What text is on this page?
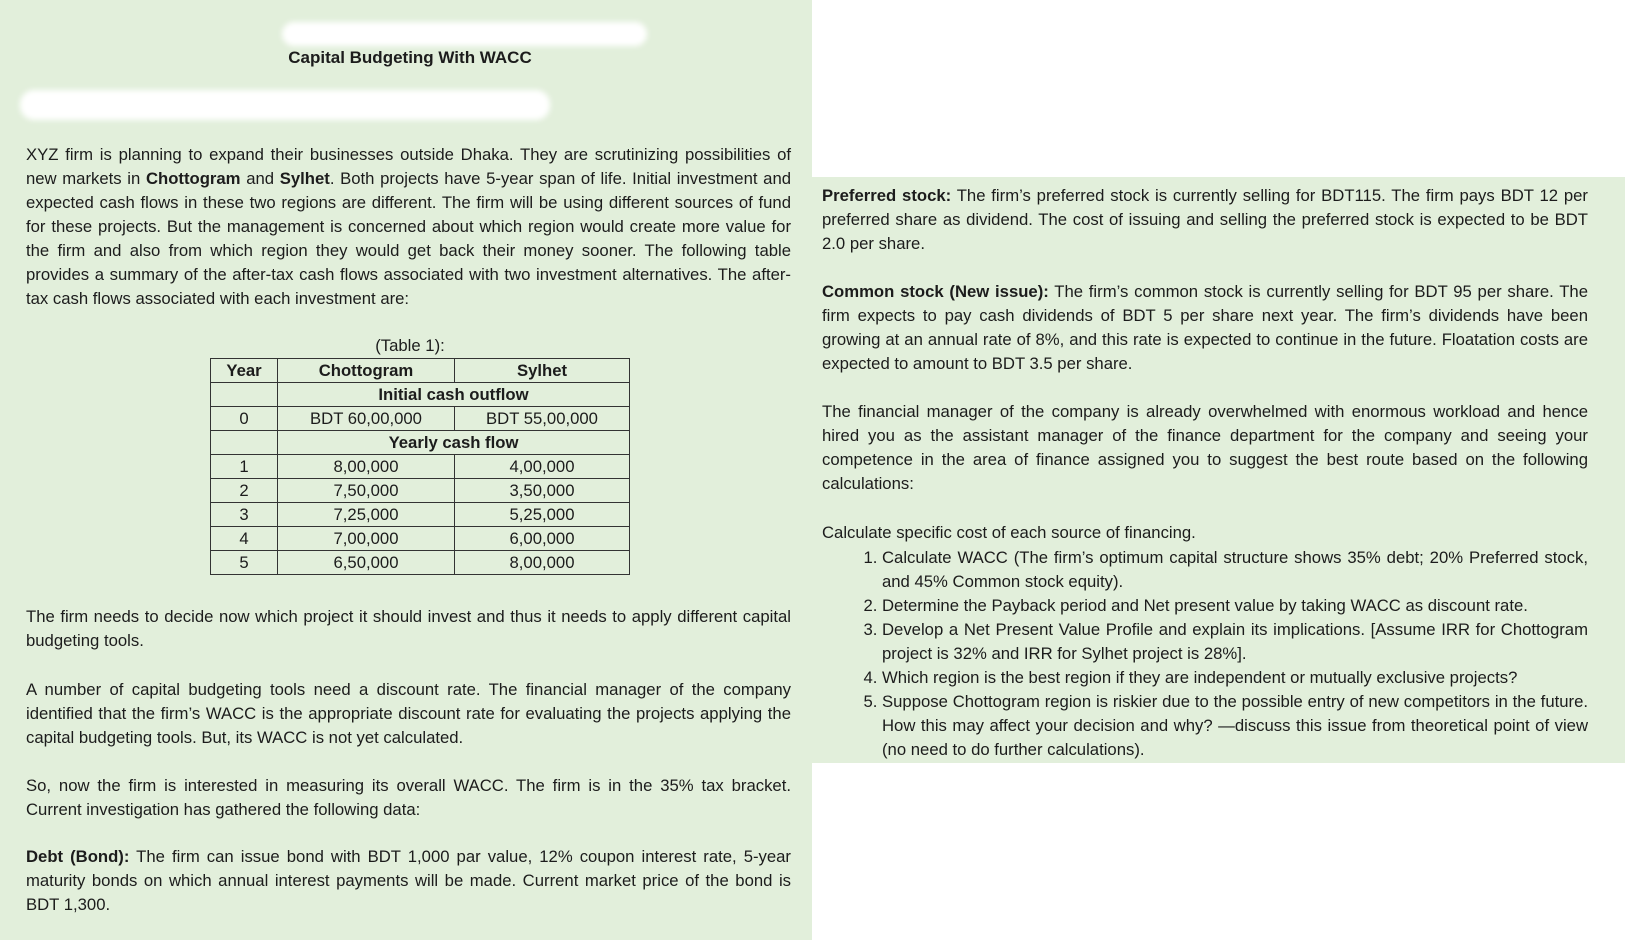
Capital Budgeting With WACC

XYZ firm is planning to expand their businesses outside Dhaka. They are scrutinizing possibilities of new markets in Chottogram and Sylhet. Both projects have 5-year span of life. Initial investment and expected cash flows in these two regions are different. The firm will be using different sources of fund for these projects. But the management is concerned about which region would create more value for the firm and also from which region they would get back their money sooner. The following table provides a summary of the after-tax cash flows associated with two investment alternatives. The after-tax cash flows associated with each investment are:

(Table 1):
Year	Chottogram	Sylhet
	Initial cash outflow	
0	BDT 60,00,000	BDT 55,00,000
	Yearly cash flow	
1	8,00,000	4,00,000
2	7,50,000	3,50,000
3	7,25,000	5,25,000
4	7,00,000	6,00,000
5	6,50,000	8,00,000

The firm needs to decide now which project it should invest and thus it needs to apply different capital budgeting tools.

A number of capital budgeting tools need a discount rate. The financial manager of the company identified that the firm’s WACC is the appropriate discount rate for evaluating the projects applying the capital budgeting tools. But, its WACC is not yet calculated.

So, now the firm is interested in measuring its overall WACC. The firm is in the 35% tax bracket. Current investigation has gathered the following data:

Debt (Bond): The firm can issue bond with BDT 1,000 par value, 12% coupon interest rate, 5-year maturity bonds on which annual interest payments will be made. Current market price of the bond is BDT 1,300.

Preferred stock: The firm’s preferred stock is currently selling for BDT115. The firm pays BDT 12 per preferred share as dividend. The cost of issuing and selling the preferred stock is expected to be BDT 2.0 per share.

Common stock (New issue): The firm’s common stock is currently selling for BDT 95 per share. The firm expects to pay cash dividends of BDT 5 per share next year. The firm’s dividends have been growing at an annual rate of 8%, and this rate is expected to continue in the future. Floatation costs are expected to amount to BDT 3.5 per share.

The financial manager of the company is already overwhelmed with enormous workload and hence hired you as the assistant manager of the finance department for the company and seeing your competence in the area of finance assigned you to suggest the best route based on the following calculations:

Calculate specific cost of each source of financing.

1. Calculate WACC (The firm’s optimum capital structure shows 35% debt; 20% Preferred stock, and 45% Common stock equity).
2. Determine the Payback period and Net present value by taking WACC as discount rate.
3. Develop a Net Present Value Profile and explain its implications. [Assume IRR for Chottogram project is 32% and IRR for Sylhet project is 28%].
4. Which region is the best region if they are independent or mutually exclusive projects?
5. Suppose Chottogram region is riskier due to the possible entry of new competitors in the future. How this may affect your decision and why? —discuss this issue from theoretical point of view (no need to do further calculations).
